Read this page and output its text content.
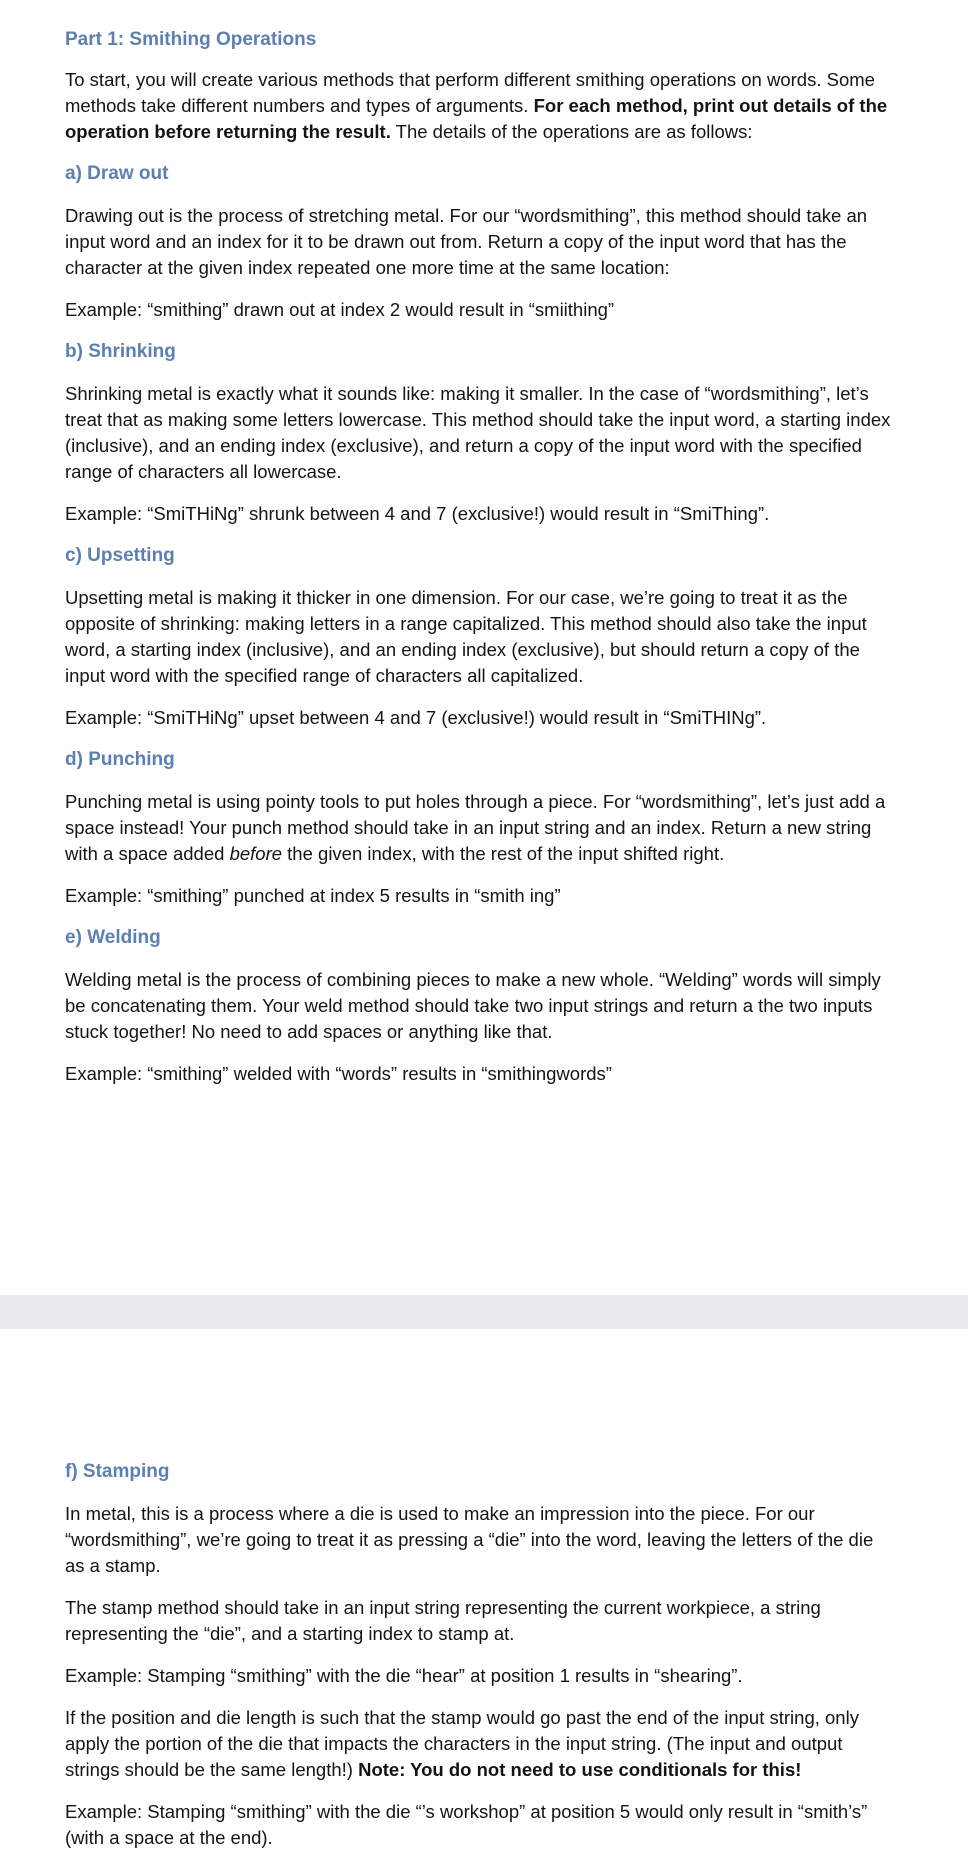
Part 1: Smithing Operations

To start, you will create various methods that perform different smithing operations on words. Some methods take different numbers and types of arguments. For each method, print out details of the operation before returning the result. The details of the operations are as follows:

a) Draw out

Drawing out is the process of stretching metal. For our “wordsmithing”, this method should take an input word and an index for it to be drawn out from. Return a copy of the input word that has the character at the given index repeated one more time at the same location:

Example: “smithing” drawn out at index 2 would result in “smiithing”

b) Shrinking

Shrinking metal is exactly what it sounds like: making it smaller. In the case of “wordsmithing”, let’s treat that as making some letters lowercase. This method should take the input word, a starting index (inclusive), and an ending index (exclusive), and return a copy of the input word with the specified range of characters all lowercase.

Example: “SmiTHiNg” shrunk between 4 and 7 (exclusive!) would result in “SmiThing”.

c) Upsetting

Upsetting metal is making it thicker in one dimension. For our case, we’re going to treat it as the opposite of shrinking: making letters in a range capitalized. This method should also take the input word, a starting index (inclusive), and an ending index (exclusive), but should return a copy of the input word with the specified range of characters all capitalized.

Example: “SmiTHiNg” upset between 4 and 7 (exclusive!) would result in “SmiTHINg”.

d) Punching

Punching metal is using pointy tools to put holes through a piece. For “wordsmithing”, let’s just add a space instead! Your punch method should take in an input string and an index. Return a new string with a space added before the given index, with the rest of the input shifted right.

Example: “smithing” punched at index 5 results in “smith ing”

e) Welding

Welding metal is the process of combining pieces to make a new whole. “Welding” words will simply be concatenating them. Your weld method should take two input strings and return a the two inputs stuck together! No need to add spaces or anything like that.

Example: “smithing” welded with “words” results in “smithingwords”

f) Stamping

In metal, this is a process where a die is used to make an impression into the piece. For our “wordsmithing”, we’re going to treat it as pressing a “die” into the word, leaving the letters of the die as a stamp.

The stamp method should take in an input string representing the current workpiece, a string representing the “die”, and a starting index to stamp at.

Example: Stamping “smithing” with the die “hear” at position 1 results in “shearing”.

If the position and die length is such that the stamp would go past the end of the input string, only apply the portion of the die that impacts the characters in the input string. (The input and output strings should be the same length!) Note: You do not need to use conditionals for this!

Example: Stamping “smithing” with the die “’s workshop” at position 5 would only result in “smith’s” (with a space at the end).
